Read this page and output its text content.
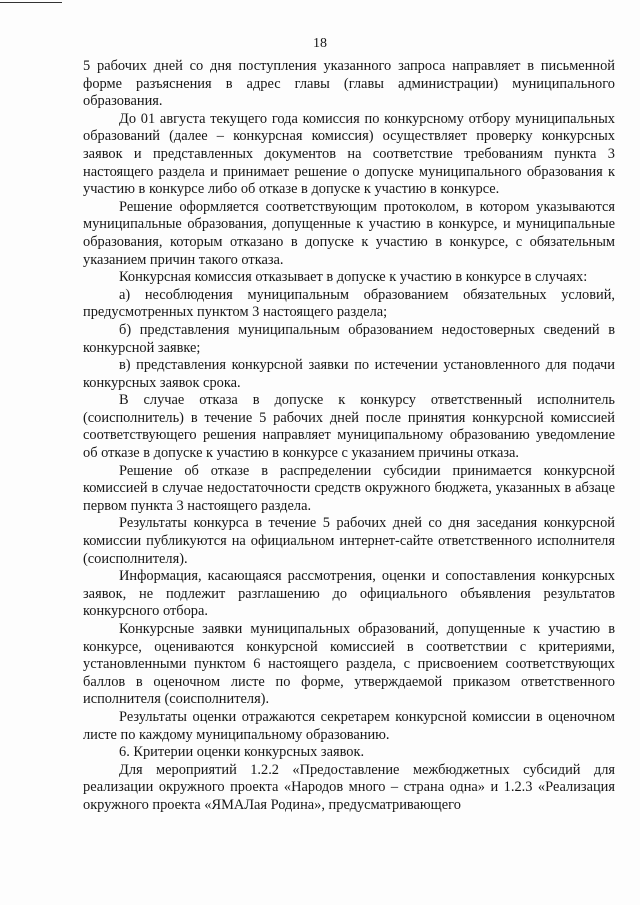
18

5 рабочих дней со дня поступления указанного запроса направляет в письменной форме разъяснения в адрес главы (главы администрации) муниципального образования.

До 01 августа текущего года комиссия по конкурсному отбору муниципальных образований (далее – конкурсная комиссия) осуществляет проверку конкурсных заявок и представленных документов на соответствие требованиям пункта 3 настоящего раздела и принимает решение о допуске муниципального образования к участию в конкурсе либо об отказе в допуске к участию в конкурсе.

Решение оформляется соответствующим протоколом, в котором указываются муниципальные образования, допущенные к участию в конкурсе, и муниципальные образования, которым отказано в допуске к участию в конкурсе, с обязательным указанием причин такого отказа.

Конкурсная комиссия отказывает в допуске к участию в конкурсе в случаях:

а) несоблюдения муниципальным образованием обязательных условий, предусмотренных пунктом 3 настоящего раздела;

б) представления муниципальным образованием недостоверных сведений в конкурсной заявке;

в) представления конкурсной заявки по истечении установленного для подачи конкурсных заявок срока.

В случае отказа в допуске к конкурсу ответственный исполнитель (соисполнитель) в течение 5 рабочих дней после принятия конкурсной комиссией соответствующего решения направляет муниципальному образованию уведомление об отказе в допуске к участию в конкурсе с указанием причины отказа.

Решение об отказе в распределении субсидии принимается конкурсной комиссией в случае недостаточности средств окружного бюджета, указанных в абзаце первом пункта 3 настоящего раздела.

Результаты конкурса в течение 5 рабочих дней со дня заседания конкурсной комиссии публикуются на официальном интернет-сайте ответственного исполнителя (соисполнителя).

Информация, касающаяся рассмотрения, оценки и сопоставления конкурсных заявок, не подлежит разглашению до официального объявления результатов конкурсного отбора.

Конкурсные заявки муниципальных образований, допущенные к участию в конкурсе, оцениваются конкурсной комиссией в соответствии с критериями, установленными пунктом 6 настоящего раздела, с присвоением соответствующих баллов в оценочном листе по форме, утверждаемой приказом ответственного исполнителя (соисполнителя).

Результаты оценки отражаются секретарем конкурсной комиссии в оценочном листе по каждому муниципальному образованию.

6. Критерии оценки конкурсных заявок.

Для мероприятий 1.2.2 «Предоставление межбюджетных субсидий для реализации окружного проекта «Народов много – страна одна» и 1.2.3 «Реализация окружного проекта «ЯМАЛая Родина», предусматривающего
